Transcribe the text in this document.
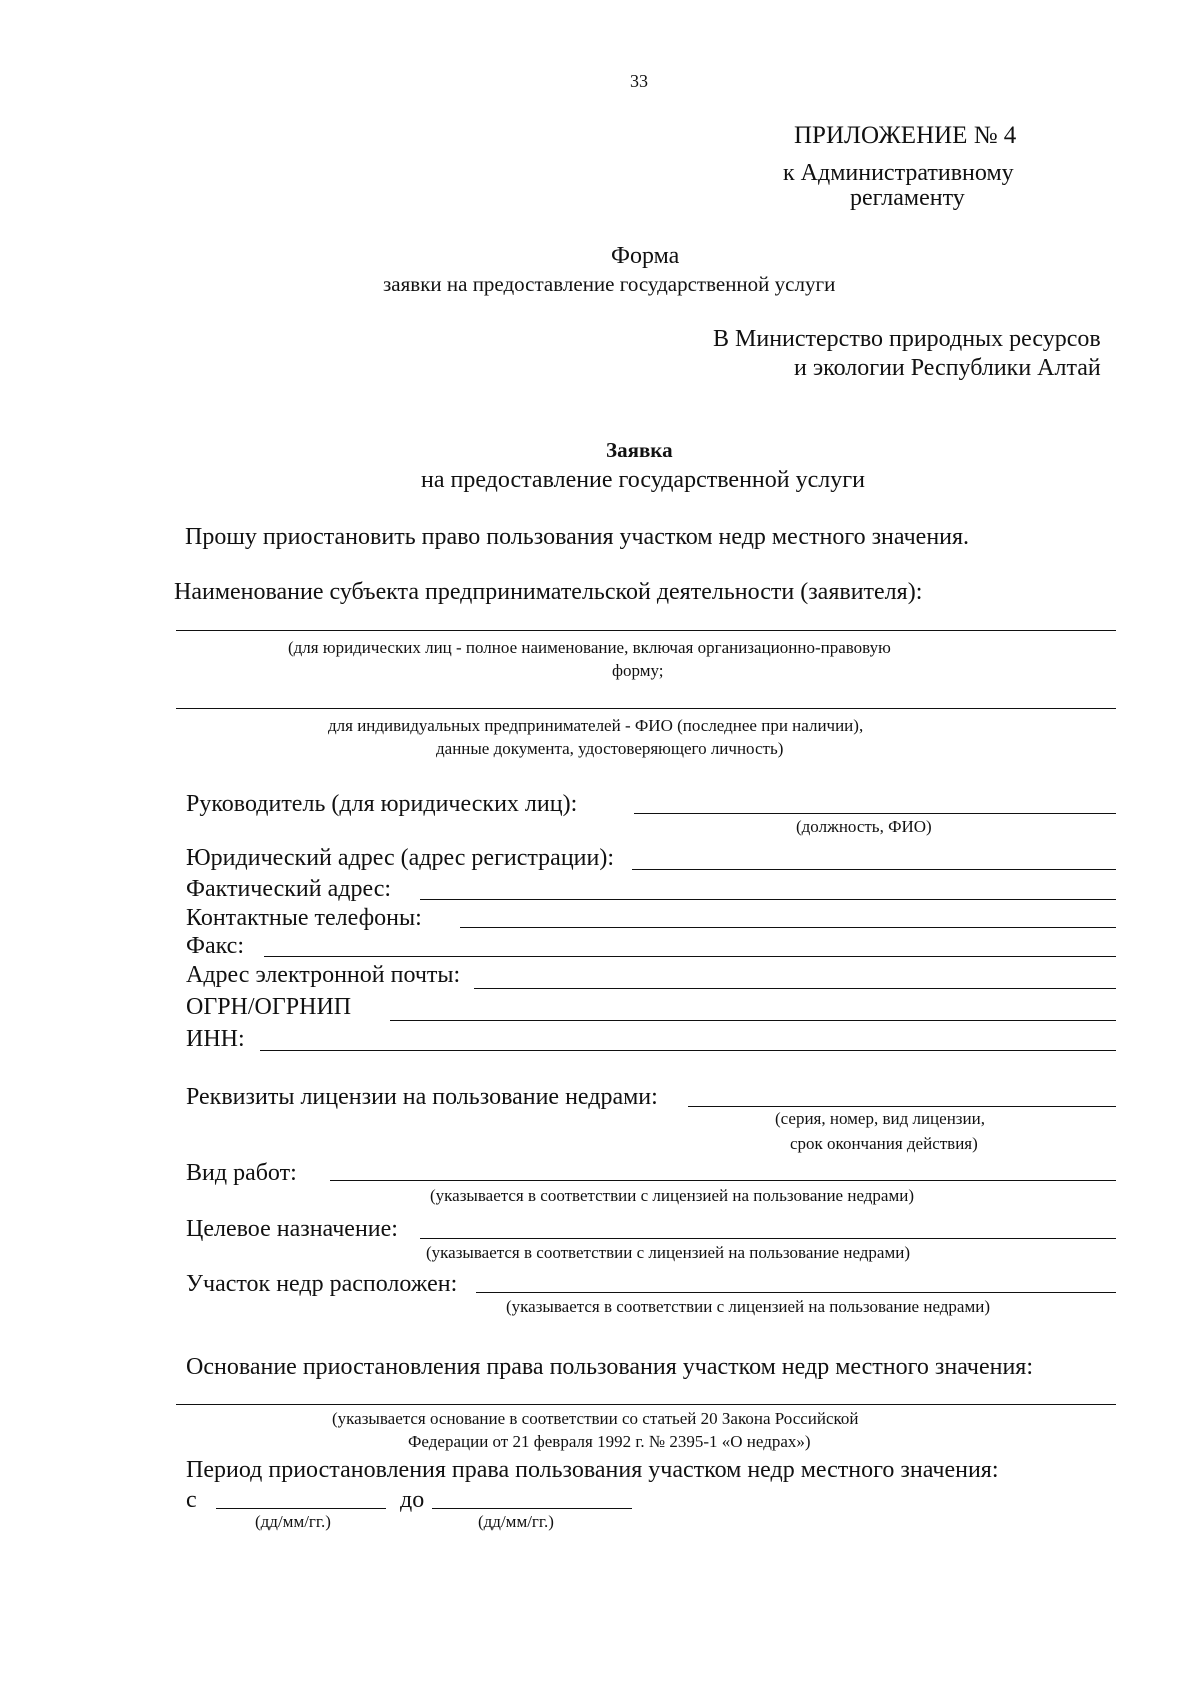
33
ПРИЛОЖЕНИЕ № 4
к Административному
регламенту
Форма
заявки на предоставление государственной услуги
В Министерство природных ресурсов
и экологии Республики Алтай
Заявка
на предоставление государственной услуги
Прошу приостановить право пользования участком недр местного значения.
Наименование субъекта предпринимательской деятельности (заявителя):
(для юридических лиц - полное наименование, включая организационно-правовую
форму;
для индивидуальных предпринимателей - ФИО (последнее при наличии),
данные документа, удостоверяющего личность)
Руководитель (для юридических лиц):
(должность, ФИО)
Юридический адрес (адрес регистрации):
Фактический адрес:
Контактные телефоны:
Факс:
Адрес электронной почты:
ОГРН/ОГРНИП
ИНН:
Реквизиты лицензии на пользование недрами:
(серия, номер, вид лицензии,
срок окончания действия)
Вид работ:
(указывается в соответствии с лицензией на пользование недрами)
Целевое назначение:
(указывается в соответствии с лицензией на пользование недрами)
Участок недр расположен:
(указывается в соответствии с лицензией на пользование недрами)
Основание приостановления права пользования участком недр местного значения:
(указывается основание в соответствии со статьей 20 Закона Российской
Федерации от 21 февраля 1992 г. № 2395-1 «О недрах»)
Период приостановления права пользования участком недр местного значения:
с	до
(дд/мм/гг.)	(дд/мм/гг.)
